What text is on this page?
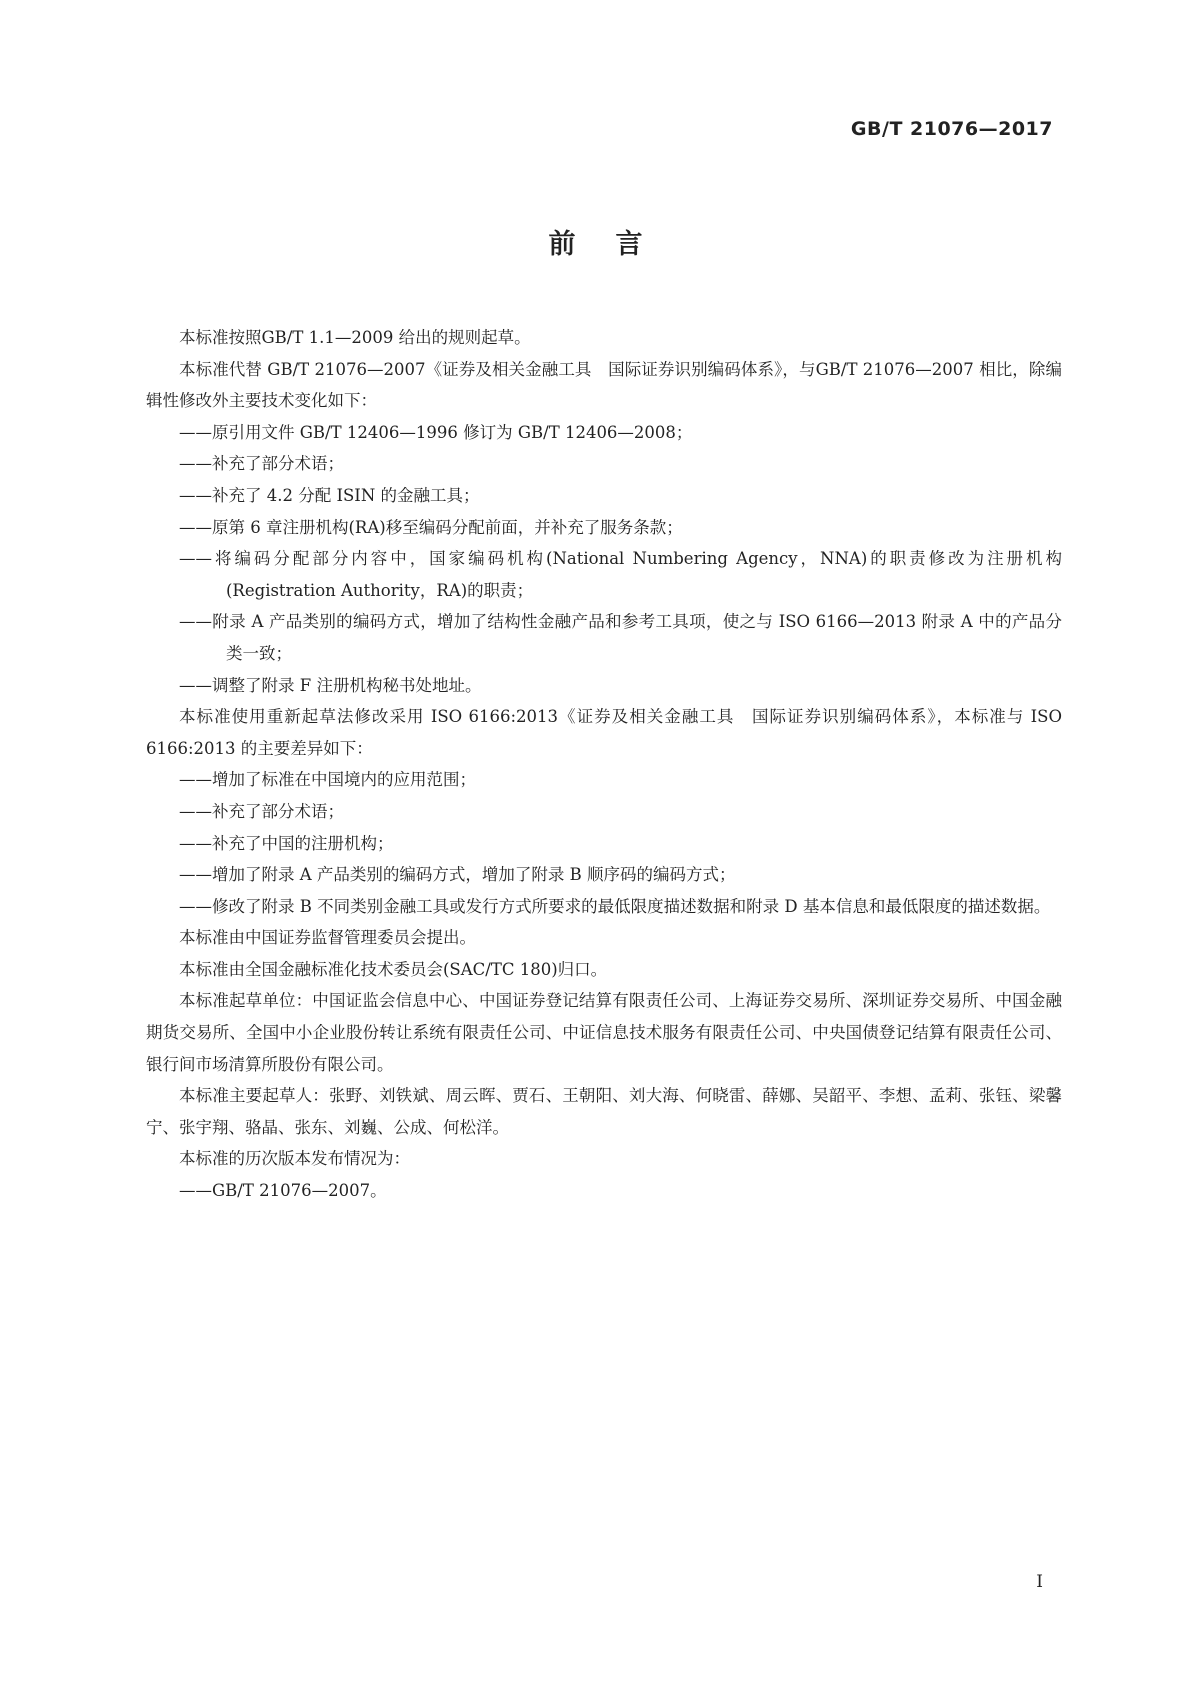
GB/T 21076—2017
前言

本标准按照GB/T 1.1—2009 给出的规则起草。

本标准代替 GB/T 21076—2007《证券及相关金融工具　国际证券识别编码体系》，与GB/T 21076—2007 相比，除编辑性修改外主要技术变化如下：

——原引用文件 GB/T 12406—1996 修订为 GB/T 12406—2008；

——补充了部分术语；

——补充了 4.2 分配 ISIN 的金融工具；

——原第 6 章注册机构(RA)移至编码分配前面，并补充了服务条款；

——将编码分配部分内容中，国家编码机构(National Numbering Agency，NNA)的职责修改为注册机构(Registration Authority，RA)的职责；

——附录 A 产品类别的编码方式，增加了结构性金融产品和参考工具项，使之与 ISO 6166—2013 附录 A 中的产品分类一致；

——调整了附录 F 注册机构秘书处地址。

本标准使用重新起草法修改采用 ISO 6166:2013《证券及相关金融工具　国际证券识别编码体系》，本标准与 ISO 6166:2013 的主要差异如下：

——增加了标准在中国境内的应用范围；

——补充了部分术语；

——补充了中国的注册机构；

——增加了附录 A 产品类别的编码方式，增加了附录 B 顺序码的编码方式；

——修改了附录 B 不同类别金融工具或发行方式所要求的最低限度描述数据和附录 D 基本信息和最低限度的描述数据。

本标准由中国证券监督管理委员会提出。

本标准由全国金融标准化技术委员会(SAC/TC 180)归口。

本标准起草单位：中国证监会信息中心、中国证券登记结算有限责任公司、上海证券交易所、深圳证券交易所、中国金融期货交易所、全国中小企业股份转让系统有限责任公司、中证信息技术服务有限责任公司、中央国债登记结算有限责任公司、银行间市场清算所股份有限公司。

本标准主要起草人：张野、刘铁斌、周云晖、贾石、王朝阳、刘大海、何晓雷、薛娜、吴韶平、李想、孟莉、张钰、梁馨宁、张宇翔、骆晶、张东、刘巍、公成、何松洋。

本标准的历次版本发布情况为：

——GB/T 21076—2007。

I
